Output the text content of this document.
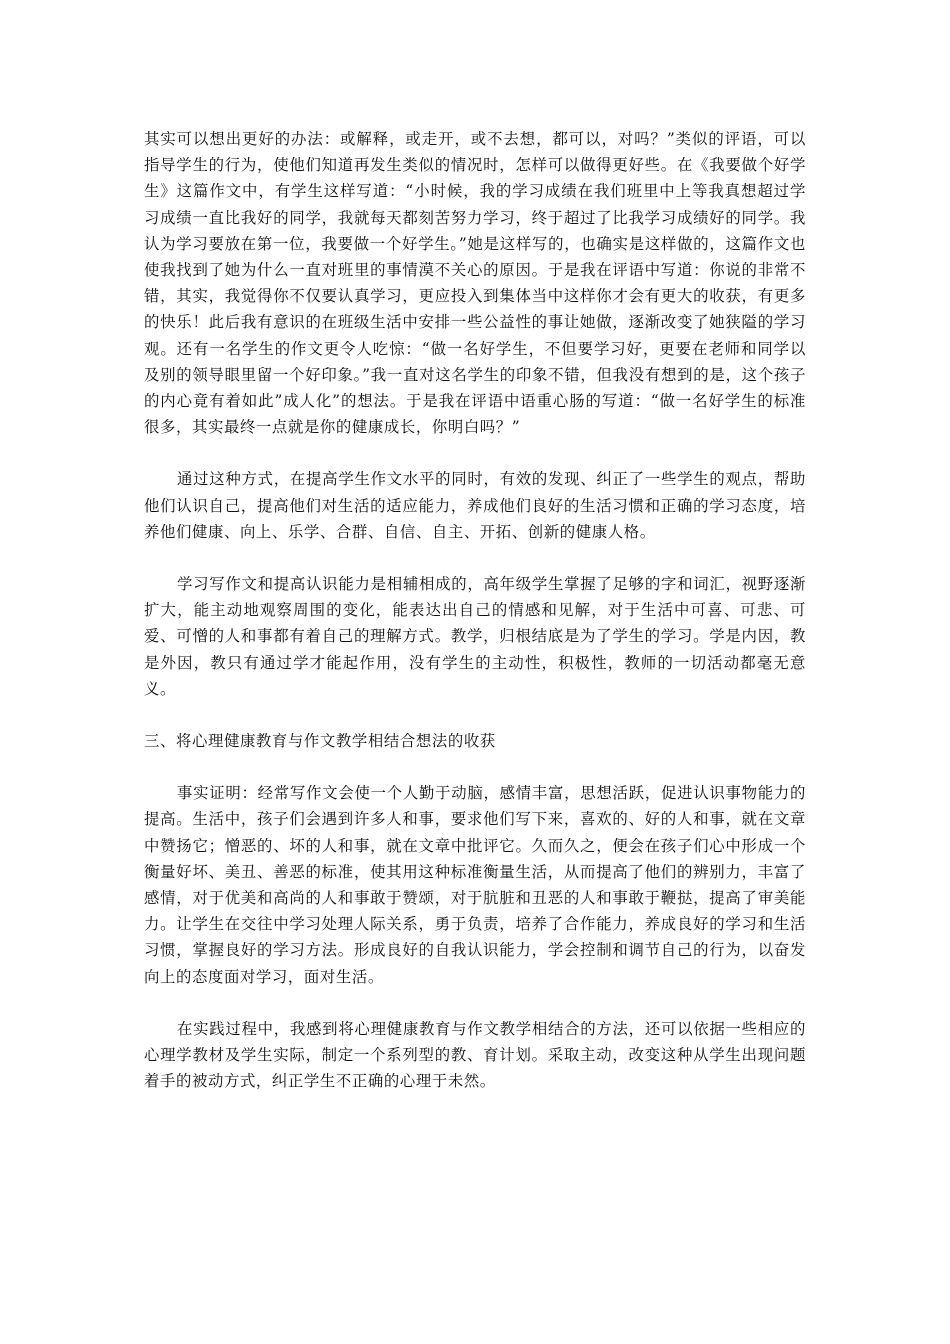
其实可以想出更好的办法：或解释，或走开，或不去想，都可以，对吗？”类似的评语，可以指导学生的行为，使他们知道再发生类似的情况时，怎样可以做得更好些。在《我要做个好学生》这篇作文中，有学生这样写道：“小时候，我的学习成绩在我们班里中上等我真想超过学习成绩一直比我好的同学，我就每天都刻苦努力学习，终于超过了比我学习成绩好的同学。我认为学习要放在第一位，我要做一个好学生。”她是这样写的，也确实是这样做的，这篇作文也使我找到了她为什么一直对班里的事情漠不关心的原因。于是我在评语中写道：你说的非常不错，其实，我觉得你不仅要认真学习，更应投入到集体当中这样你才会有更大的收获，有更多的快乐！此后我有意识的在班级生活中安排一些公益性的事让她做，逐渐改变了她狭隘的学习观。还有一名学生的作文更令人吃惊：“做一名好学生，不但要学习好，更要在老师和同学以及别的领导眼里留一个好印象。”我一直对这名学生的印象不错，但我没有想到的是，这个孩子的内心竟有着如此”成人化”的想法。于是我在评语中语重心肠的写道：“做一名好学生的标准很多，其实最终一点就是你的健康成长，你明白吗？”

通过这种方式，在提高学生作文水平的同时，有效的发现、纠正了一些学生的观点，帮助他们认识自己，提高他们对生活的适应能力，养成他们良好的生活习惯和正确的学习态度，培养他们健康、向上、乐学、合群、自信、自主、开拓、创新的健康人格。

学习写作文和提高认识能力是相辅相成的，高年级学生掌握了足够的字和词汇，视野逐渐扩大，能主动地观察周围的变化，能表达出自己的情感和见解，对于生活中可喜、可悲、可爱、可憎的人和事都有着自己的理解方式。教学，归根结底是为了学生的学习。学是内因，教是外因，教只有通过学才能起作用，没有学生的主动性，积极性，教师的一切活动都毫无意义。

三、将心理健康教育与作文教学相结合想法的收获

事实证明：经常写作文会使一个人勤于动脑，感情丰富，思想活跃，促进认识事物能力的提高。生活中，孩子们会遇到许多人和事，要求他们写下来，喜欢的、好的人和事，就在文章中赞扬它；憎恶的、坏的人和事，就在文章中批评它。久而久之，便会在孩子们心中形成一个衡量好坏、美丑、善恶的标准，使其用这种标准衡量生活，从而提高了他们的辨别力，丰富了感情，对于优美和高尚的人和事敢于赞颂，对于肮脏和丑恶的人和事敢于鞭挞，提高了审美能力。让学生在交往中学习处理人际关系，勇于负责，培养了合作能力，养成良好的学习和生活习惯，掌握良好的学习方法。形成良好的自我认识能力，学会控制和调节自己的行为，以奋发向上的态度面对学习，面对生活。

在实践过程中，我感到将心理健康教育与作文教学相结合的方法，还可以依据一些相应的心理学教材及学生实际，制定一个系列型的教、育计划。采取主动，改变这种从学生出现问题着手的被动方式，纠正学生不正确的心理于未然。
